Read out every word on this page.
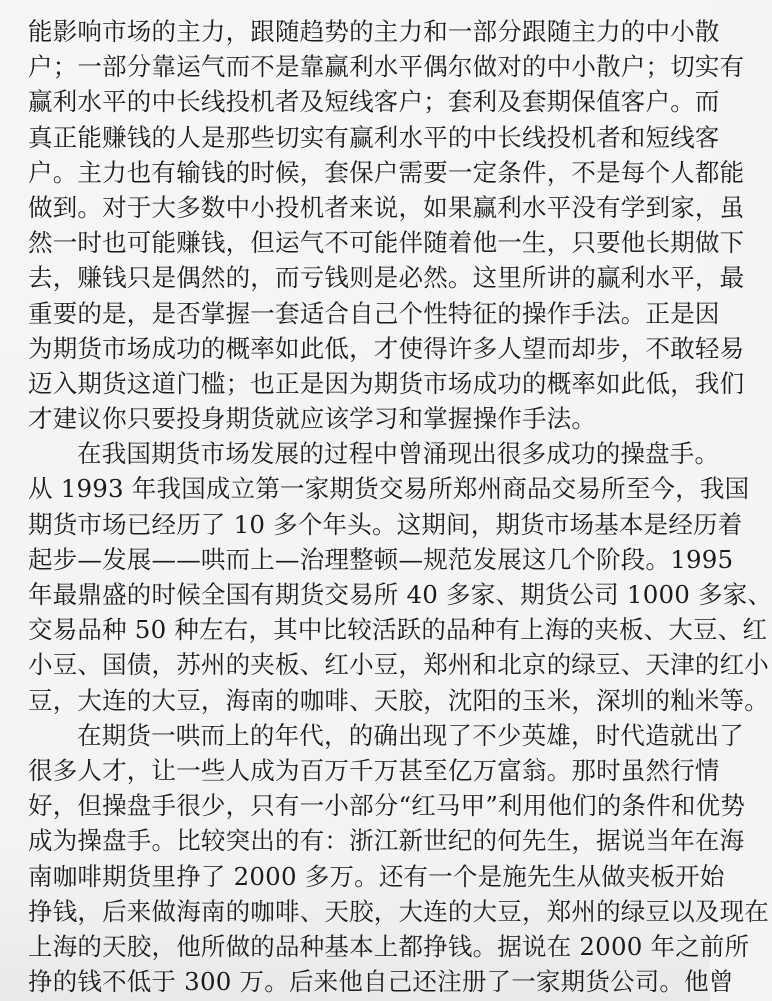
能影响市场的主力，跟随趋势的主力和一部分跟随主力的中小散
户；一部分靠运气而不是靠赢利水平偶尔做对的中小散户；切实有
赢利水平的中长线投机者及短线客户；套利及套期保值客户。而
真正能赚钱的人是那些切实有赢利水平的中长线投机者和短线客
户。主力也有输钱的时候，套保户需要一定条件，不是每个人都能
做到。对于大多数中小投机者来说，如果赢利水平没有学到家，虽
然一时也可能赚钱，但运气不可能伴随着他一生，只要他长期做下
去，赚钱只是偶然的，而亏钱则是必然。这里所讲的赢利水平，最
重要的是，是否掌握一套适合自己个性特征的操作手法。正是因
为期货市场成功的概率如此低，才使得许多人望而却步，不敢轻易
迈入期货这道门槛；也正是因为期货市场成功的概率如此低，我们
才建议你只要投身期货就应该学习和掌握操作手法。
在我国期货市场发展的过程中曾涌现出很多成功的操盘手。
从 1993 年我国成立第一家期货交易所郑州商品交易所至今，我国
期货市场已经历了 10 多个年头。这期间，期货市场基本是经历着
起步—发展——哄而上—治理整顿—规范发展这几个阶段。1995
年最鼎盛的时候全国有期货交易所 40 多家、期货公司 1000 多家、
交易品种 50 种左右，其中比较活跃的品种有上海的夹板、大豆、红
小豆、国债，苏州的夹板、红小豆，郑州和北京的绿豆、天津的红小
豆，大连的大豆，海南的咖啡、天胶，沈阳的玉米，深圳的籼米等。
在期货一哄而上的年代，的确出现了不少英雄，时代造就出了
很多人才，让一些人成为百万千万甚至亿万富翁。那时虽然行情
好，但操盘手很少，只有一小部分“红马甲”利用他们的条件和优势
成为操盘手。比较突出的有：浙江新世纪的何先生，据说当年在海
南咖啡期货里挣了 2000 多万。还有一个是施先生从做夹板开始
挣钱，后来做海南的咖啡、天胶，大连的大豆，郑州的绿豆以及现在
上海的天胶，他所做的品种基本上都挣钱。据说在 2000 年之前所
挣的钱不低于 300 万。后来他自己还注册了一家期货公司。他曾
